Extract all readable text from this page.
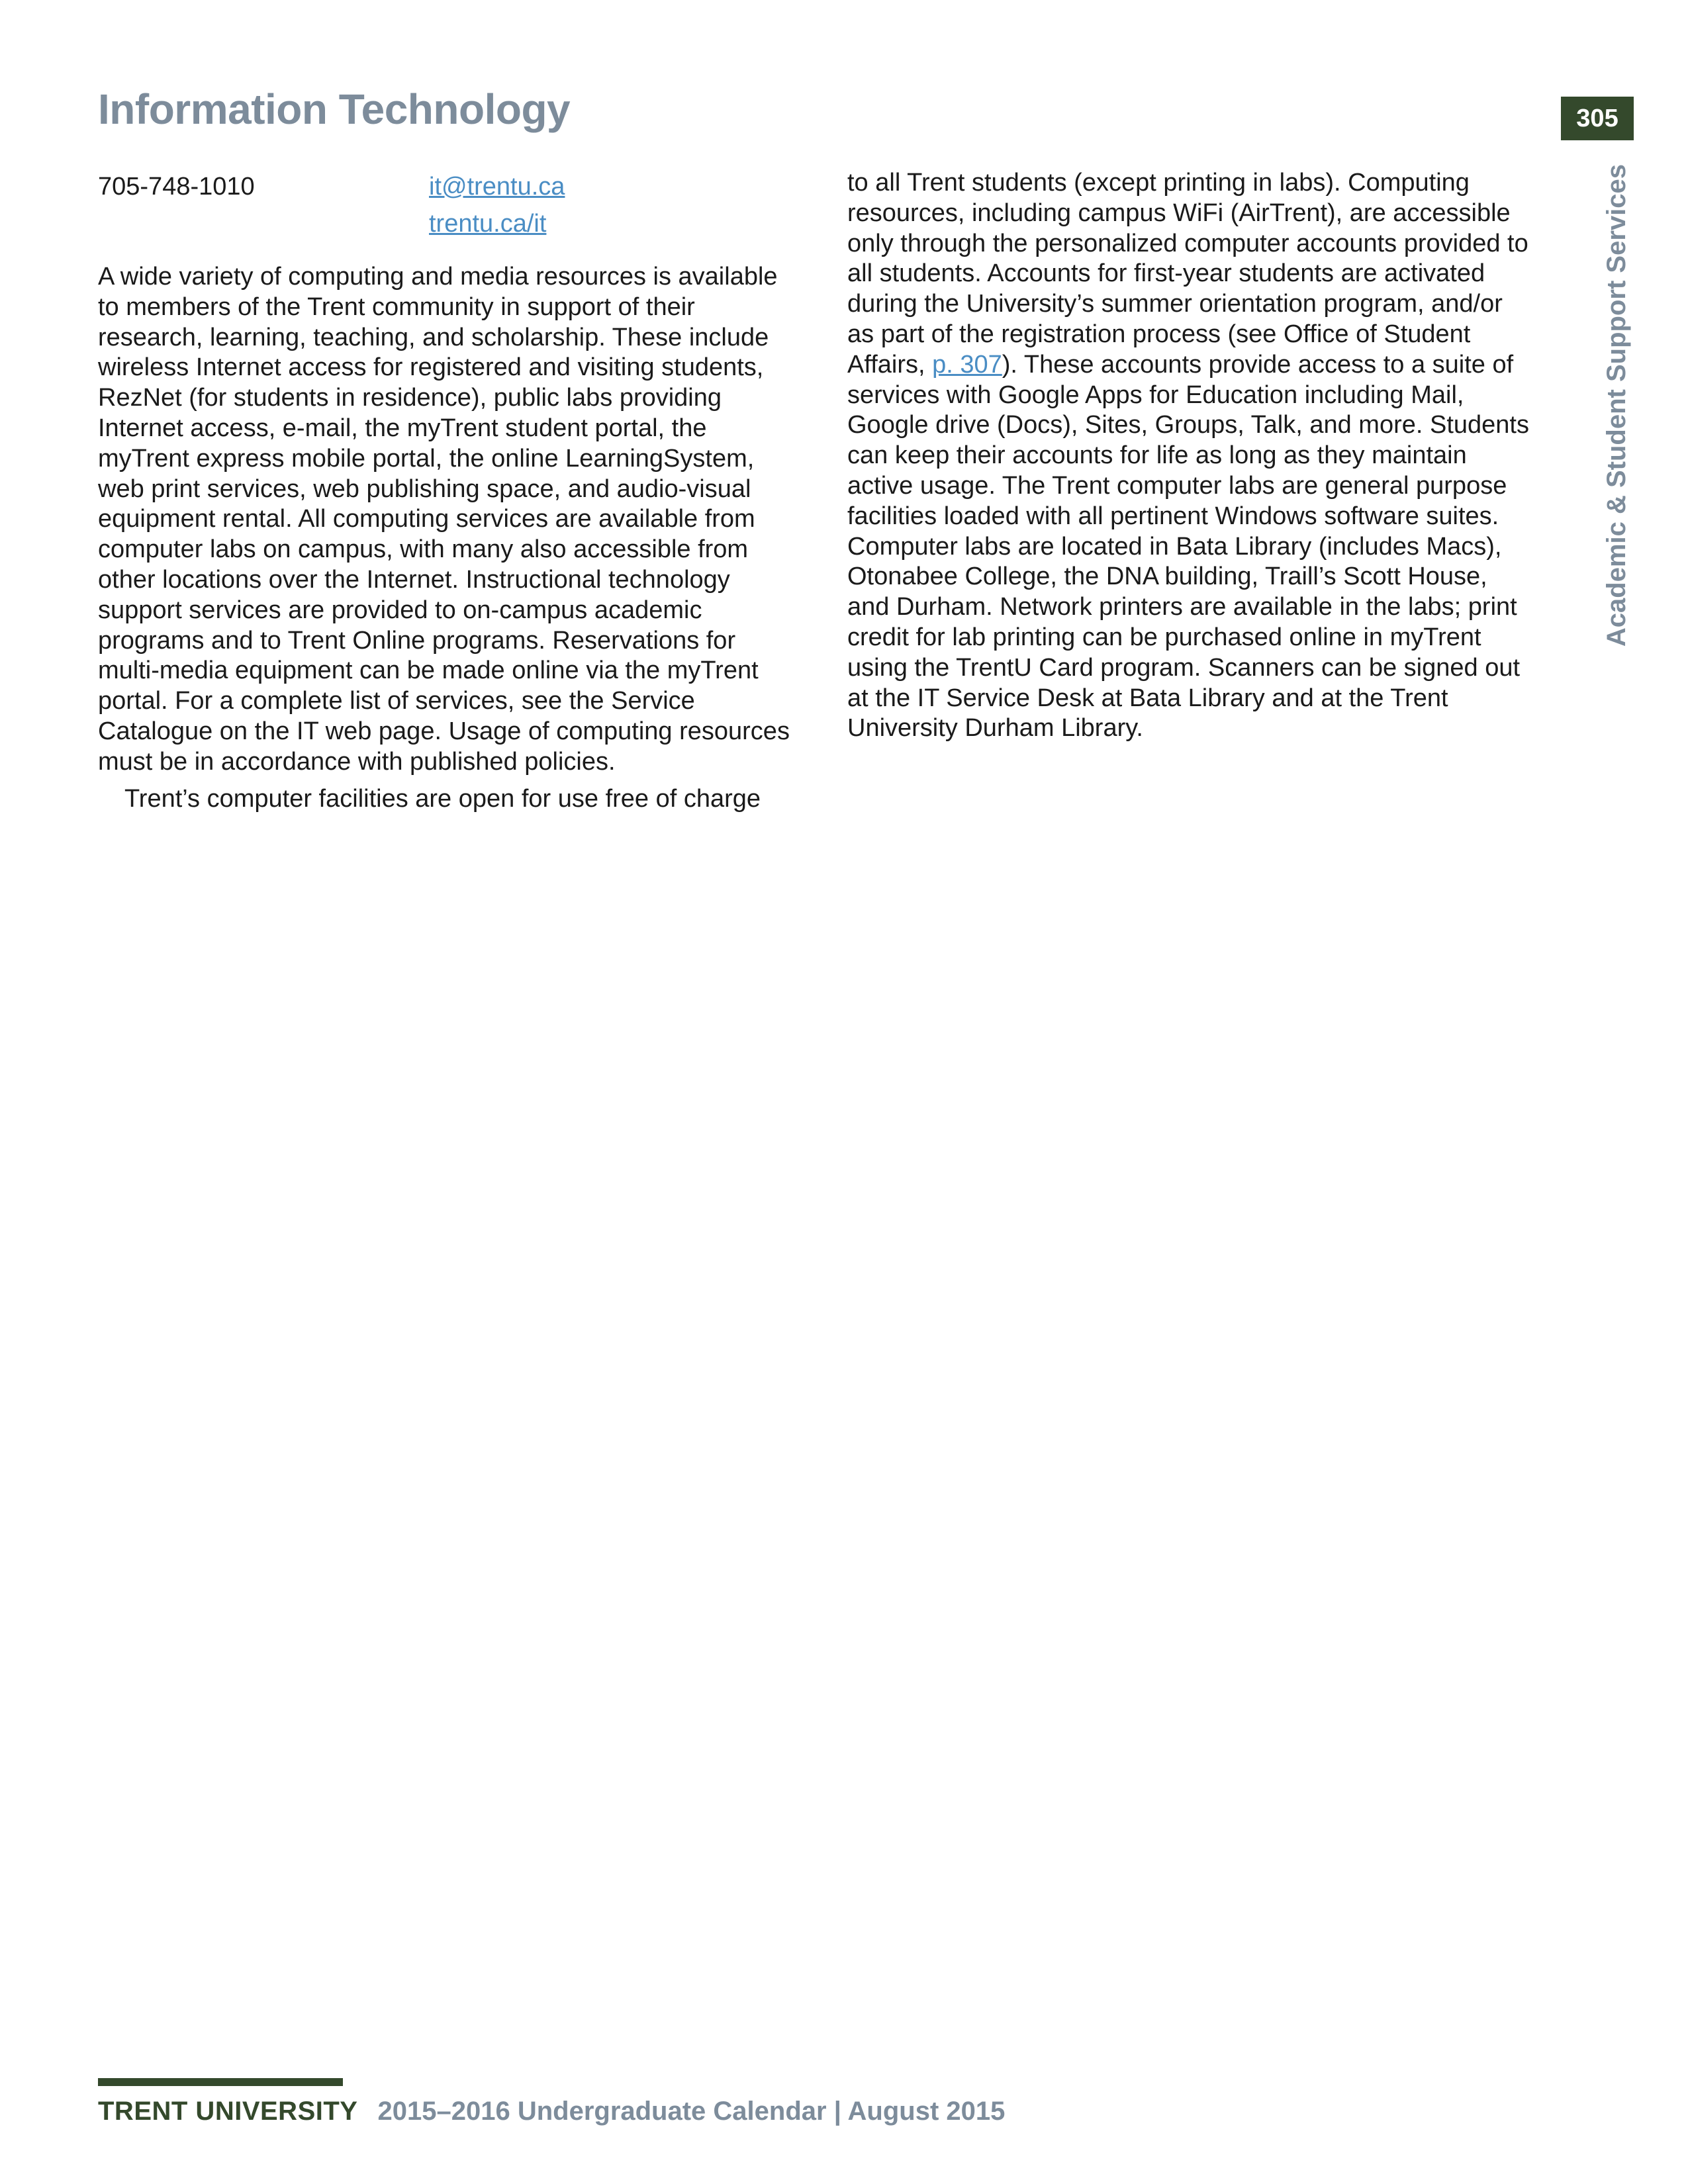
Information Technology	305
Academic & Student Support Services
705-748-1010	it@trentu.ca
trentu.ca/it

A wide variety of computing and media resources is available to members of the Trent community in support of their research, learning, teaching, and scholarship. These include wireless Internet access for registered and visiting students, RezNet (for students in residence), public labs providing Internet access, e-mail, the myTrent student portal, the myTrent express mobile portal, the online LearningSystem, web print services, web publishing space, and audio-visual equipment rental. All computing services are available from computer labs on campus, with many also accessible from other locations over the Internet. Instructional technology support services are provided to on-campus academic programs and to Trent Online programs. Reservations for multi-media equipment can be made online via the myTrent portal. For a complete list of services, see the Service Catalogue on the IT web page. Usage of computing resources must be in accordance with published policies.

Trent’s computer facilities are open for use free of charge

to all Trent students (except printing in labs). Computing resources, including campus WiFi (AirTrent), are accessible only through the personalized computer accounts provided to all students. Accounts for first-year students are activated during the University’s summer orientation program, and/or as part of the registration process (see Office of Student Affairs, p. 307). These accounts provide access to a suite of services with Google Apps for Education including Mail, Google drive (Docs), Sites, Groups, Talk, and more. Students can keep their accounts for life as long as they maintain active usage. The Trent computer labs are general purpose facilities loaded with all pertinent Windows software suites. Computer labs are located in Bata Library (includes Macs), Otonabee College, the DNA building, Traill’s Scott House, and Durham. Network printers are available in the labs; print credit for lab printing can be purchased online in myTrent using the TrentU Card program. Scanners can be signed out at the IT Service Desk at Bata Library and at the Trent University Durham Library.

TRENT UNIVERSITY 2015–2016 Undergraduate Calendar | August 2015
